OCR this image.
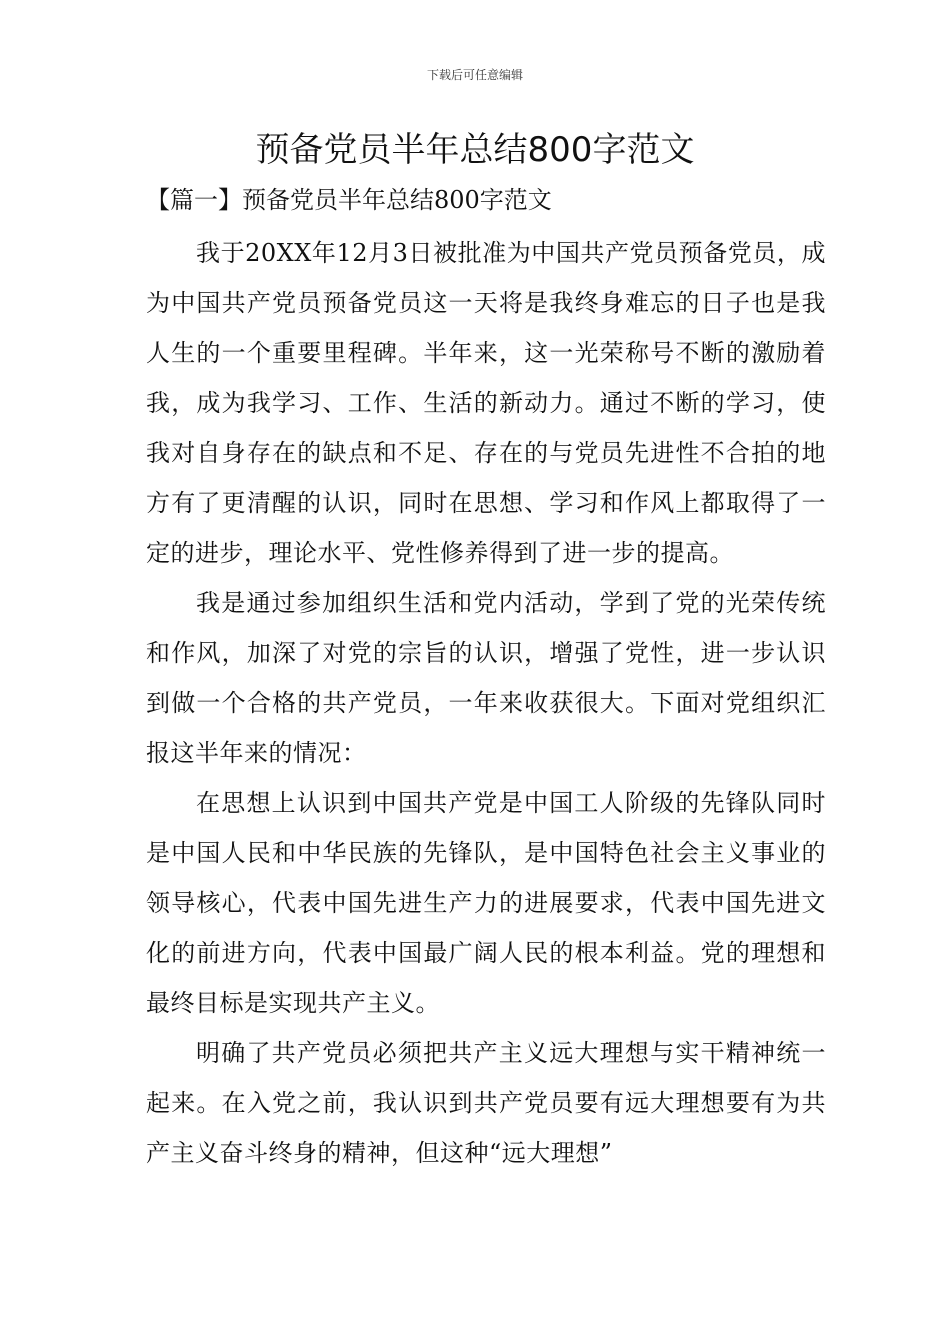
下载后可任意编辑
预备党员半年总结800字范文
【篇一】预备党员半年总结800字范文

我于20XX年12月3日被批准为中国共产党员预备党员，成为中国共产党员预备党员这一天将是我终身难忘的日子也是我人生的一个重要里程碑。半年来，这一光荣称号不断的激励着我，成为我学习、工作、生活的新动力。通过不断的学习，使我对自身存在的缺点和不足、存在的与党员先进性不合拍的地方有了更清醒的认识，同时在思想、学习和作风上都取得了一定的进步，理论水平、党性修养得到了进一步的提高。

我是通过参加组织生活和党内活动，学到了党的光荣传统和作风，加深了对党的宗旨的认识，增强了党性，进一步认识到做一个合格的共产党员，一年来收获很大。下面对党组织汇报这半年来的情况：

在思想上认识到中国共产党是中国工人阶级的先锋队同时是中国人民和中华民族的先锋队，是中国特色社会主义事业的领导核心，代表中国先进生产力的进展要求，代表中国先进文化的前进方向，代表中国最广阔人民的根本利益。党的理想和最终目标是实现共产主义。

明确了共产党员必须把共产主义远大理想与实干精神统一起来。在入党之前，我认识到共产党员要有远大理想要有为共产主义奋斗终身的精神，但这种“远大理想”
